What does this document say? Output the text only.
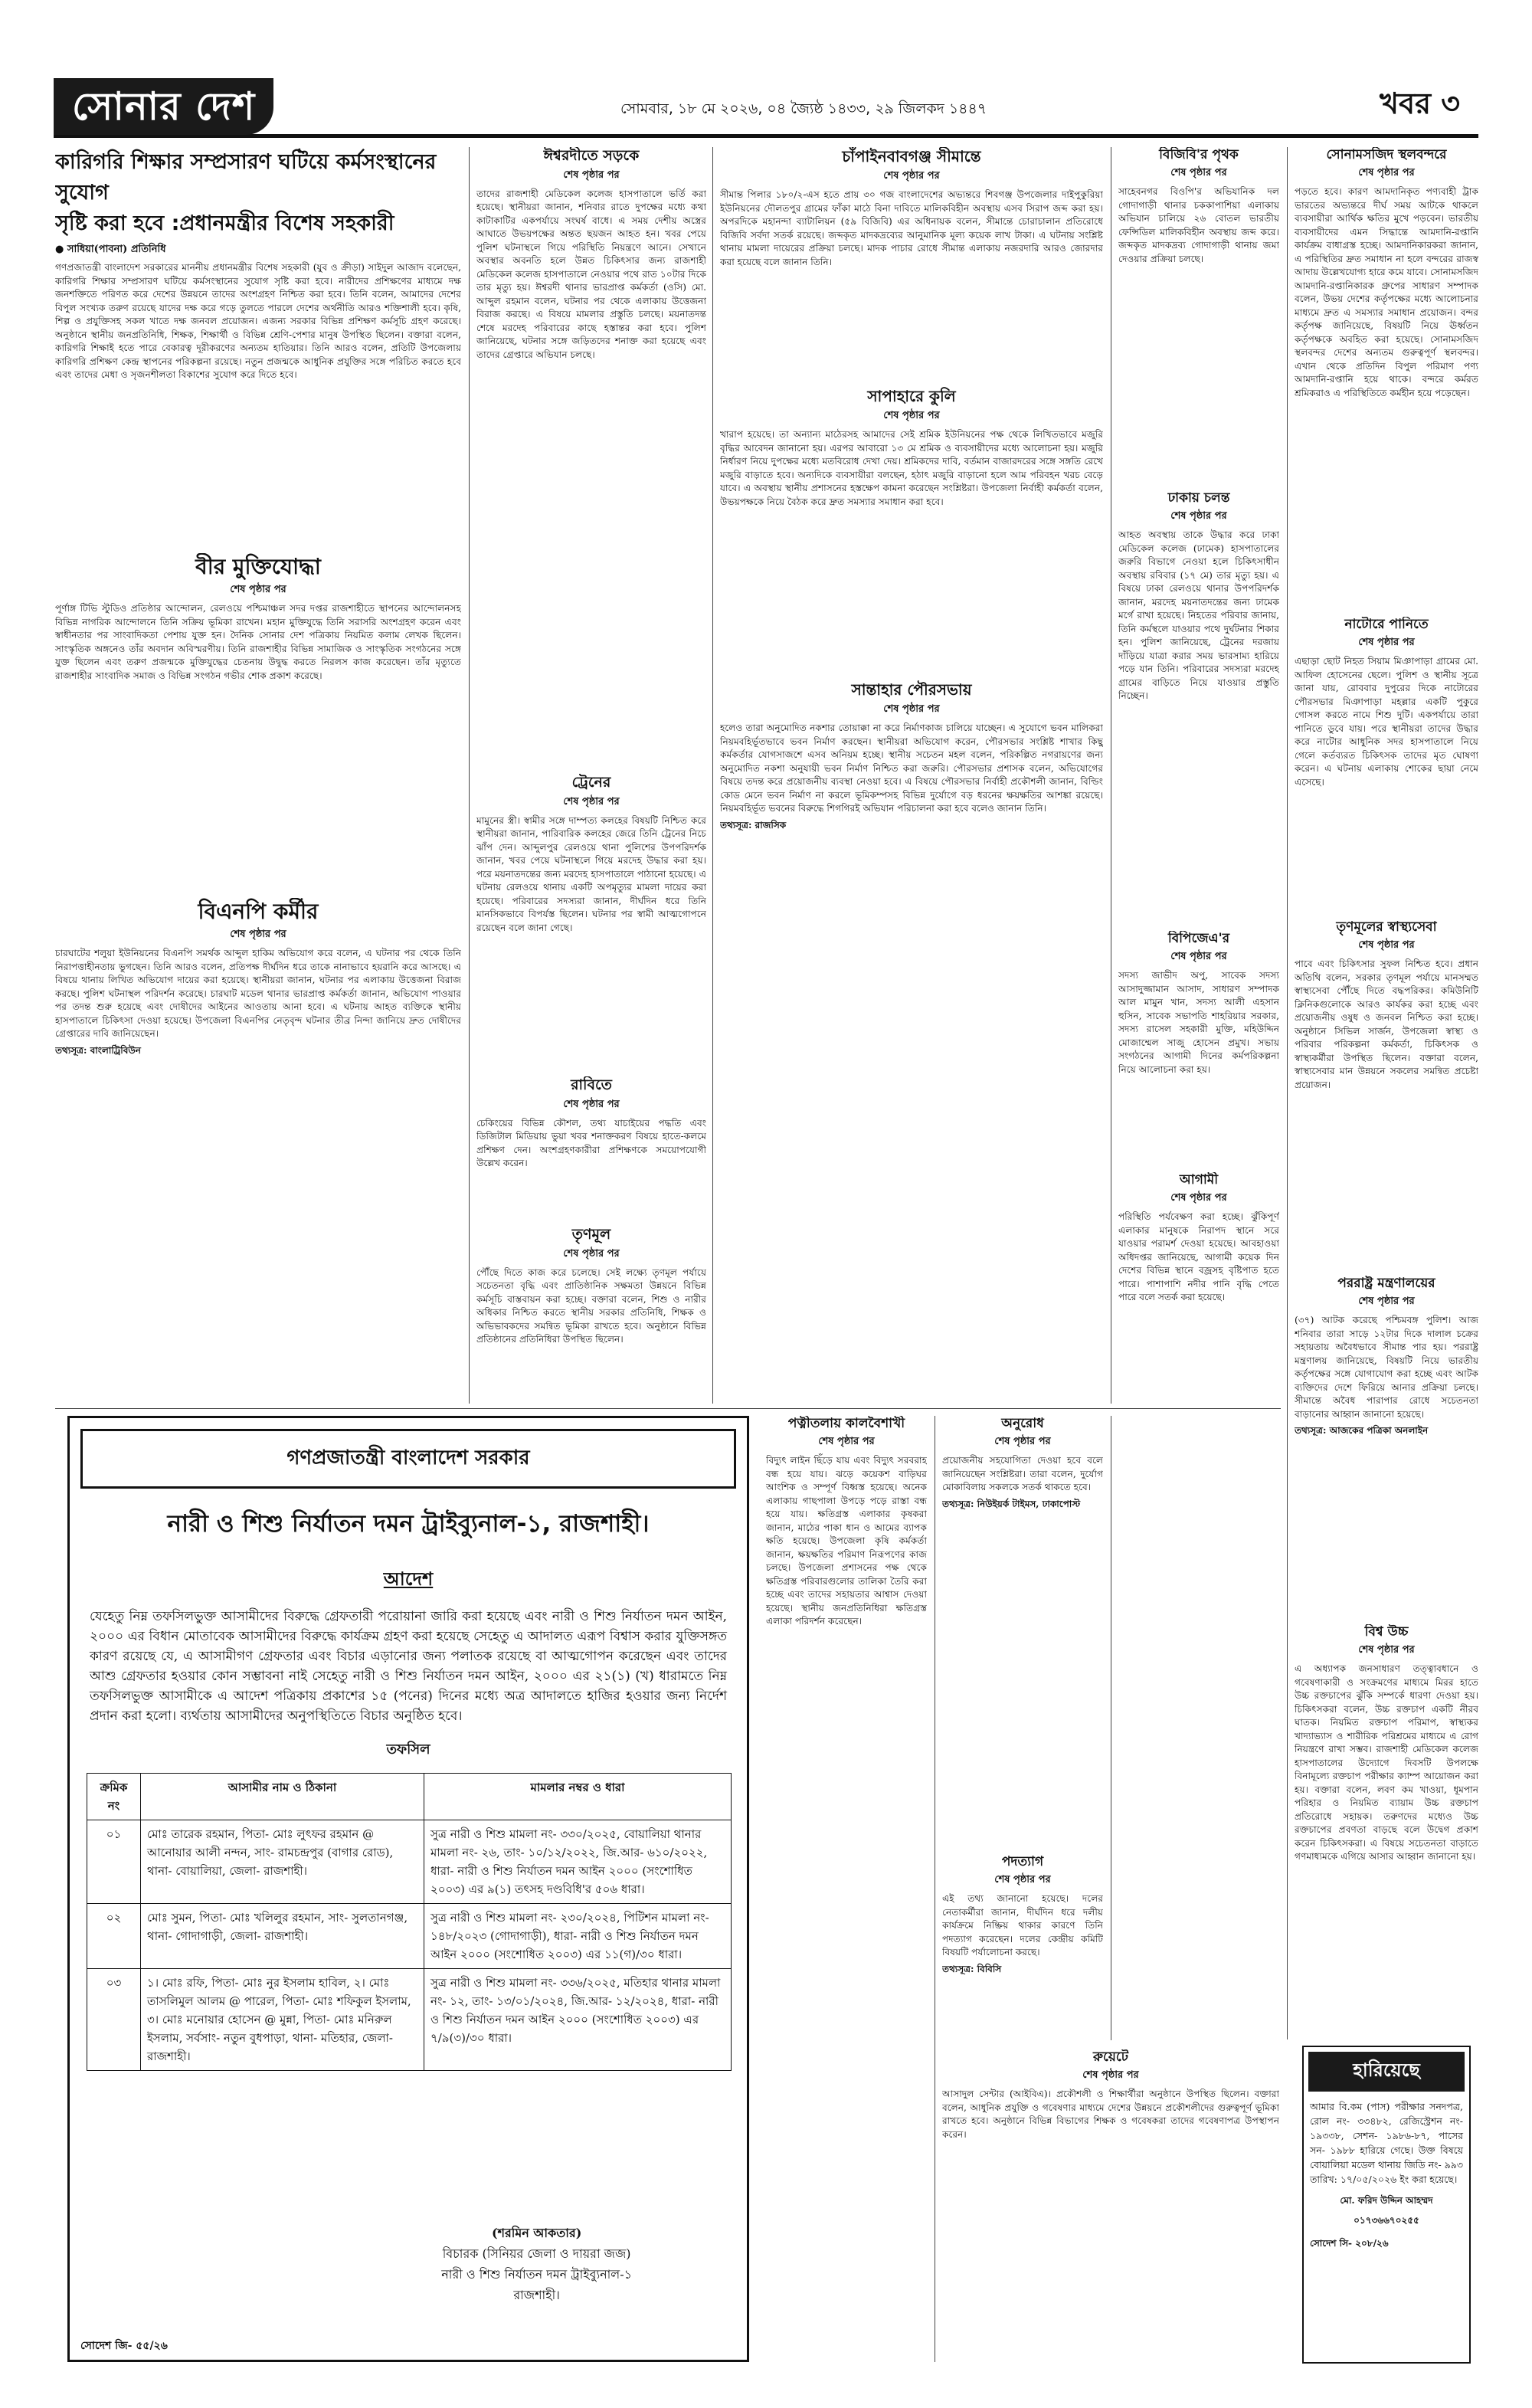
সোনার দেশ	সোমবার, ১৮ মে ২০২৬, ০৪ জ্যৈষ্ঠ ১৪৩৩, ২৯ জিলকদ ১৪৪৭	খবর ৩
কারিগরি শিক্ষার সম্প্রসারণ ঘটিয়ে কর্মসংস্থানের সুযোগ
সৃষ্টি করা হবে :প্রধানমন্ত্রীর বিশেষ সহকারী
● সাধিয়া(পাবনা) প্রতিনিধি
গণপ্রজাতন্ত্রী বাংলাদেশ সরকারের মাননীয় প্রধানমন্ত্রীর বিশেষ সহকারী (যুব ও ক্রীড়া) সাইদুল আজাদ বলেছেন, কারিগরি শিক্ষার সম্প্রসারণ ঘটিয়ে কর্মসংস্থানের সুযোগ সৃষ্টি করা হবে। নারীদের প্রশিক্ষণের মাধ্যমে দক্ষ জনশক্তিতে পরিণত করে দেশের উন্নয়নে তাদের অংশগ্রহণ নিশ্চিত করা হবে। তিনি বলেন, আমাদের দেশের বিপুল সংখ্যক তরুণ রয়েছে যাদের দক্ষ করে গড়ে তুলতে পারলে দেশের অর্থনীতি আরও শক্তিশালী হবে। কৃষি, শিল্প ও প্রযুক্তিসহ সকল খাতে দক্ষ জনবল প্রয়োজন। এজন্য সরকার বিভিন্ন প্রশিক্ষণ কর্মসূচি গ্রহণ করেছে। অনুষ্ঠানে স্থানীয় জনপ্রতিনিধি, শিক্ষক, শিক্ষার্থী ও বিভিন্ন শ্রেণি-পেশার মানুষ উপস্থিত ছিলেন। বক্তারা বলেন, কারিগরি শিক্ষাই হতে পারে বেকারত্ব দূরীকরণের অন্যতম হাতিয়ার। তিনি আরও বলেন, প্রতিটি উপজেলায় কারিগরি প্রশিক্ষণ কেন্দ্র স্থাপনের পরিকল্পনা রয়েছে। নতুন প্রজন্মকে আধুনিক প্রযুক্তির সঙ্গে পরিচিত করতে হবে এবং তাদের মেধা ও সৃজনশীলতা বিকাশের সুযোগ করে দিতে হবে।
বীর মুক্তিযোদ্ধা
শেষ পৃষ্ঠার পর
পূর্ণাঙ্গ টিভি স্টুডিও প্রতিষ্ঠার আন্দোলন, রেলওয়ে পশ্চিমাঞ্চল সদর দপ্তর রাজশাহীতে স্থাপনের আন্দোলনসহ বিভিন্ন নাগরিক আন্দোলনে তিনি সক্রিয় ভূমিকা রাখেন। মহান মুক্তিযুদ্ধে তিনি সরাসরি অংশগ্রহণ করেন এবং স্বাধীনতার পর সাংবাদিকতা পেশায় যুক্ত হন। দৈনিক সোনার দেশ পত্রিকায় নিয়মিত কলাম লেখক ছিলেন। সাংস্কৃতিক অঙ্গনেও তাঁর অবদান অবিস্মরণীয়। তিনি রাজশাহীর বিভিন্ন সামাজিক ও সাংস্কৃতিক সংগঠনের সঙ্গে যুক্ত ছিলেন এবং তরুণ প্রজন্মকে মুক্তিযুদ্ধের চেতনায় উদ্বুদ্ধ করতে নিরলস কাজ করেছেন। তাঁর মৃত্যুতে রাজশাহীর সাংবাদিক সমাজ ও বিভিন্ন সংগঠন গভীর শোক প্রকাশ করেছে।
বিএনপি কর্মীর
শেষ পৃষ্ঠার পর
চারঘাটের শলুয়া ইউনিয়নের বিএনপি সমর্থক আব্দুল হাকিম অভিযোগ করে বলেন, এ ঘটনার পর থেকে তিনি নিরাপত্তাহীনতায় ভুগছেন। তিনি আরও বলেন, প্রতিপক্ষ দীর্ঘদিন ধরে তাকে নানাভাবে হয়রানি করে আসছে। এ বিষয়ে থানায় লিখিত অভিযোগ দায়ের করা হয়েছে। স্থানীয়রা জানান, ঘটনার পর এলাকায় উত্তেজনা বিরাজ করছে। পুলিশ ঘটনাস্থল পরিদর্শন করেছে। চারঘাট মডেল থানার ভারপ্রাপ্ত কর্মকর্তা জানান, অভিযোগ পাওয়ার পর তদন্ত শুরু হয়েছে এবং দোষীদের আইনের আওতায় আনা হবে। এ ঘটনায় আহত ব্যক্তিকে স্থানীয় হাসপাতালে চিকিৎসা দেওয়া হয়েছে। উপজেলা বিএনপির নেতৃবৃন্দ ঘটনার তীব্র নিন্দা জানিয়ে দ্রুত দোষীদের গ্রেপ্তারের দাবি জানিয়েছেন।
তথ্যসূত্র: বাংলাট্রিবিউন
ঈশ্বরদীতে সড়কে
শেষ পৃষ্ঠার পর
তাদের রাজশাহী মেডিকেল কলেজ হাসপাতালে ভর্তি করা হয়েছে। স্থানীয়রা জানান, শনিবার রাতে দুপক্ষের মধ্যে কথা কাটাকাটির একপর্যায়ে সংঘর্ষ বাধে। এ সময় দেশীয় অস্ত্রের আঘাতে উভয়পক্ষের অন্তত ছয়জন আহত হন। খবর পেয়ে পুলিশ ঘটনাস্থলে গিয়ে পরিস্থিতি নিয়ন্ত্রণে আনে। সেখানে অবস্থার অবনতি হলে উন্নত চিকিৎসার জন্য রাজশাহী মেডিকেল কলেজ হাসপাতালে নেওয়ার পথে রাত ১০টার দিকে তার মৃত্যু হয়। ঈশ্বরদী থানার ভারপ্রাপ্ত কর্মকর্তা (ওসি) মো. আব্দুল রহমান বলেন, ঘটনার পর থেকে এলাকায় উত্তেজনা বিরাজ করছে। এ বিষয়ে মামলার প্রস্তুতি চলছে। ময়নাতদন্ত শেষে মরদেহ পরিবারের কাছে হস্তান্তর করা হবে। পুলিশ জানিয়েছে, ঘটনার সঙ্গে জড়িতদের শনাক্ত করা হয়েছে এবং তাদের গ্রেপ্তারে অভিযান চলছে।
ট্রেনের
শেষ পৃষ্ঠার পর
মামুনের স্ত্রী। স্বামীর সঙ্গে দাম্পত্য কলহের বিষয়টি নিশ্চিত করে স্থানীয়রা জানান, পারিবারিক কলহের জেরে তিনি ট্রেনের নিচে ঝাঁপ দেন। আব্দুলপুর রেলওয়ে থানা পুলিশের উপপরিদর্শক জানান, খবর পেয়ে ঘটনাস্থলে গিয়ে মরদেহ উদ্ধার করা হয়। পরে ময়নাতদন্তের জন্য মরদেহ হাসপাতালে পাঠানো হয়েছে। এ ঘটনায় রেলওয়ে থানায় একটি অপমৃত্যুর মামলা দায়ের করা হয়েছে। পরিবারের সদস্যরা জানান, দীর্ঘদিন ধরে তিনি মানসিকভাবে বিপর্যস্ত ছিলেন। ঘটনার পর স্বামী আত্মগোপনে রয়েছেন বলে জানা গেছে।
রাবিতে
শেষ পৃষ্ঠার পর
চেকিংয়ের বিভিন্ন কৌশল, তথ্য যাচাইয়ের পদ্ধতি এবং ডিজিটাল মিডিয়ায় ভুয়া খবর শনাক্তকরণ বিষয়ে হাতে-কলমে প্রশিক্ষণ দেন। অংশগ্রহণকারীরা প্রশিক্ষণকে সময়োপযোগী উল্লেখ করেন।
তৃণমূল
শেষ পৃষ্ঠার পর
পৌঁছে দিতে কাজ করে চলেছে। সেই লক্ষ্যে তৃণমূল পর্যায়ে সচেতনতা বৃদ্ধি এবং প্রাতিষ্ঠানিক সক্ষমতা উন্নয়নে বিভিন্ন কর্মসূচি বাস্তবায়ন করা হচ্ছে। বক্তারা বলেন, শিশু ও নারীর অধিকার নিশ্চিত করতে স্থানীয় সরকার প্রতিনিধি, শিক্ষক ও অভিভাবকদের সমন্বিত ভূমিকা রাখতে হবে। অনুষ্ঠানে বিভিন্ন প্রতিষ্ঠানের প্রতিনিধিরা উপস্থিত ছিলেন।
চাঁপাইনবাবগঞ্জ সীমান্তে
শেষ পৃষ্ঠার পর
সীমান্ত পিলার ১৮০/২-এস হতে প্রায় ৩০ গজ বাংলাদেশের অভ্যন্তরে শিবগঞ্জ উপজেলার দাইপুকুরিয়া ইউনিয়নের দৌলতপুর গ্রামের ফাঁকা মাঠে বিনা দাবিতে মালিকবিহীন অবস্থায় এসব সিরাপ জব্দ করা হয়। অপরদিকে মহানন্দা ব্যাটালিয়ন (৫৯ বিজিবি) এর অধিনায়ক বলেন, সীমান্তে চোরাচালান প্রতিরোধে বিজিবি সর্বদা সতর্ক রয়েছে। জব্দকৃত মাদকদ্রব্যের আনুমানিক মূল্য কয়েক লাখ টাকা। এ ঘটনায় সংশ্লিষ্ট থানায় মামলা দায়েরের প্রক্রিয়া চলছে। মাদক পাচার রোধে সীমান্ত এলাকায় নজরদারি আরও জোরদার করা হয়েছে বলে জানান তিনি।
সাপাহারে কুলি
শেষ পৃষ্ঠার পর
খারাপ হয়েছে। তা অন্যান্য মাঠেরসহ আমাদের সেই শ্রমিক ইউনিয়নের পক্ষ থেকে লিখিতভাবে মজুরি বৃদ্ধির আবেদন জানানো হয়। এরপর আবারো ১৩ মে শ্রমিক ও ব্যবসায়ীদের মধ্যে আলোচনা হয়। মজুরি নির্ধারণ নিয়ে দুপক্ষের মধ্যে মতবিরোধ দেখা দেয়। শ্রমিকদের দাবি, বর্তমান বাজারদরের সঙ্গে সঙ্গতি রেখে মজুরি বাড়াতে হবে। অন্যদিকে ব্যবসায়ীরা বলছেন, হঠাৎ মজুরি বাড়ানো হলে আম পরিবহন খরচ বেড়ে যাবে। এ অবস্থায় স্থানীয় প্রশাসনের হস্তক্ষেপ কামনা করেছেন সংশ্লিষ্টরা। উপজেলা নির্বাহী কর্মকর্তা বলেন, উভয়পক্ষকে নিয়ে বৈঠক করে দ্রুত সমস্যার সমাধান করা হবে।
সান্তাহার পৌরসভায়
শেষ পৃষ্ঠার পর
হলেও তারা অনুমোদিত নকশার তোয়াক্কা না করে নির্মাণকাজ চালিয়ে যাচ্ছেন। এ সুযোগে ভবন মালিকরা নিয়মবহির্ভূতভাবে ভবন নির্মাণ করছেন। স্থানীয়রা অভিযোগ করেন, পৌরসভার সংশ্লিষ্ট শাখার কিছু কর্মকর্তার যোগসাজশে এসব অনিয়ম হচ্ছে। স্থানীয় সচেতন মহল বলেন, পরিকল্পিত নগরায়ণের জন্য অনুমোদিত নকশা অনুযায়ী ভবন নির্মাণ নিশ্চিত করা জরুরি। পৌরসভার প্রশাসক বলেন, অভিযোগের বিষয়ে তদন্ত করে প্রয়োজনীয় ব্যবস্থা নেওয়া হবে। এ বিষয়ে পৌরসভার নির্বাহী প্রকৌশলী জানান, বিল্ডিং কোড মেনে ভবন নির্মাণ না করলে ভূমিকম্পসহ বিভিন্ন দুর্যোগে বড় ধরনের ক্ষয়ক্ষতির আশঙ্কা রয়েছে। নিয়মবহির্ভূত ভবনের বিরুদ্ধে শিগগিরই অভিযান পরিচালনা করা হবে বলেও জানান তিনি।
তথ্যসূত্র: রাজসিক
বিজিবি'র পৃথক
শেষ পৃষ্ঠার পর
সাহেবনগর বিওপি'র অভিযানিক দল গোদাগাড়ী থানার চককাপাশিয়া এলাকায় অভিযান চালিয়ে ২৬ বোতল ভারতীয় ফেন্সিডিল মালিকবিহীন অবস্থায় জব্দ করে। জব্দকৃত মাদকদ্রব্য গোদাগাড়ী থানায় জমা দেওয়ার প্রক্রিয়া চলছে।
ঢাকায় চলন্ত
শেষ পৃষ্ঠার পর
আহত অবস্থায় তাকে উদ্ধার করে ঢাকা মেডিকেল কলেজ (ঢামেক) হাসপাতালের জরুরি বিভাগে নেওয়া হলে চিকিৎসাধীন অবস্থায় রবিবার (১৭ মে) তার মৃত্যু হয়। এ বিষয়ে ঢাকা রেলওয়ে থানার উপপরিদর্শক জানান, মরদেহ ময়নাতদন্তের জন্য ঢামেক মর্গে রাখা হয়েছে। নিহতের পরিবার জানায়, তিনি কর্মস্থলে যাওয়ার পথে দুর্ঘটনার শিকার হন। পুলিশ জানিয়েছে, ট্রেনের দরজায় দাঁড়িয়ে যাত্রা করার সময় ভারসাম্য হারিয়ে পড়ে যান তিনি। পরিবারের সদস্যরা মরদেহ গ্রামের বাড়িতে নিয়ে যাওয়ার প্রস্তুতি নিচ্ছেন।
বিপিজেএ'র
শেষ পৃষ্ঠার পর
সদস্য জাভীদ অপু, সাবেক সদস্য আসাদুজ্জামান আসাদ, সাধারণ সম্পাদক আল মামুন খান, সদস্য আলী এহসান হুসিন, সাবেক সভাপতি শাহরিয়ার সরকার, সদস্য রাসেল সহকারী মুক্তি, মহিউদ্দিন মোজাম্মেল সাজু হোসেন প্রমুখ। সভায় সংগঠনের আগামী দিনের কর্মপরিকল্পনা নিয়ে আলোচনা করা হয়।
আগামী
শেষ পৃষ্ঠার পর
পরিস্থিতি পর্যবেক্ষণ করা হচ্ছে। ঝুঁকিপূর্ণ এলাকার মানুষকে নিরাপদ স্থানে সরে যাওয়ার পরামর্শ দেওয়া হয়েছে। আবহাওয়া অধিদপ্তর জানিয়েছে, আগামী কয়েক দিন দেশের বিভিন্ন স্থানে বজ্রসহ বৃষ্টিপাত হতে পারে। পাশাপাশি নদীর পানি বৃদ্ধি পেতে পারে বলে সতর্ক করা হয়েছে।
সোনামসজিদ স্থলবন্দরে
শেষ পৃষ্ঠার পর
পড়তে হবে। কারণ আমদানিকৃত পণ্যবাহী ট্রাক ভারতের অভ্যন্তরে দীর্ঘ সময় আটকে থাকলে ব্যবসায়ীরা আর্থিক ক্ষতির মুখে পড়বেন। ভারতীয় ব্যবসায়ীদের এমন সিদ্ধান্তে আমদানি-রপ্তানি কার্যক্রম বাধাগ্রস্ত হচ্ছে। আমদানিকারকরা জানান, এ পরিস্থিতির দ্রুত সমাধান না হলে বন্দরের রাজস্ব আদায় উল্লেখযোগ্য হারে কমে যাবে। সোনামসজিদ আমদানি-রপ্তানিকারক গ্রুপের সাধারণ সম্পাদক বলেন, উভয় দেশের কর্তৃপক্ষের মধ্যে আলোচনার মাধ্যমে দ্রুত এ সমস্যার সমাধান প্রয়োজন। বন্দর কর্তৃপক্ষ জানিয়েছে, বিষয়টি নিয়ে ঊর্ধ্বতন কর্তৃপক্ষকে অবহিত করা হয়েছে। সোনামসজিদ স্থলবন্দর দেশের অন্যতম গুরুত্বপূর্ণ স্থলবন্দর। এখান থেকে প্রতিদিন বিপুল পরিমাণ পণ্য আমদানি-রপ্তানি হয়ে থাকে। বন্দরে কর্মরত শ্রমিকরাও এ পরিস্থিতিতে কর্মহীন হয়ে পড়েছেন।
নাটোরে পানিতে
শেষ পৃষ্ঠার পর
এছাড়া ছোট নিহত সিয়াম মিঞাপাড়া গ্রামের মো. আফিল হোসেনের ছেলে। পুলিশ ও স্থানীয় সূত্রে জানা যায়, রোববার দুপুরের দিকে নাটোরের পৌরসভার মিঞাপাড়া মহল্লার একটি পুকুরে গোসল করতে নামে শিশু দুটি। একপর্যায়ে তারা পানিতে ডুবে যায়। পরে স্থানীয়রা তাদের উদ্ধার করে নাটোর আধুনিক সদর হাসপাতালে নিয়ে গেলে কর্তব্যরত চিকিৎসক তাদের মৃত ঘোষণা করেন। এ ঘটনায় এলাকায় শোকের ছায়া নেমে এসেছে।
তৃণমূলের স্বাস্থ্যসেবা
শেষ পৃষ্ঠার পর
পাবে এবং চিকিৎসার সুফল নিশ্চিত হবে। প্রধান অতিথি বলেন, সরকার তৃণমূল পর্যায়ে মানসম্মত স্বাস্থ্যসেবা পৌঁছে দিতে বদ্ধপরিকর। কমিউনিটি ক্লিনিকগুলোকে আরও কার্যকর করা হচ্ছে এবং প্রয়োজনীয় ওষুধ ও জনবল নিশ্চিত করা হচ্ছে। অনুষ্ঠানে সিভিল সার্জন, উপজেলা স্বাস্থ্য ও পরিবার পরিকল্পনা কর্মকর্তা, চিকিৎসক ও স্বাস্থ্যকর্মীরা উপস্থিত ছিলেন। বক্তারা বলেন, স্বাস্থ্যসেবার মান উন্নয়নে সকলের সমন্বিত প্রচেষ্টা প্রয়োজন।
পররাষ্ট্র মন্ত্রণালয়ের
শেষ পৃষ্ঠার পর
(৩৭) আটক করেছে পশ্চিমবঙ্গ পুলিশ। আজ শনিবার তারা সাড়ে ১২টার দিকে দালাল চক্রের সহায়তায় অবৈধভাবে সীমান্ত পার হয়। পররাষ্ট্র মন্ত্রণালয় জানিয়েছে, বিষয়টি নিয়ে ভারতীয় কর্তৃপক্ষের সঙ্গে যোগাযোগ করা হচ্ছে এবং আটক ব্যক্তিদের দেশে ফিরিয়ে আনার প্রক্রিয়া চলছে। সীমান্তে অবৈধ পারাপার রোধে সচেতনতা বাড়ানোর আহ্বান জানানো হয়েছে।
তথ্যসূত্র: আজকের পত্রিকা অনলাইন
বিশ্ব উচ্চ
শেষ পৃষ্ঠার পর
এ অধ্যাপক জনসাধারণ তত্ত্বাবধানে ও গবেষণাকারী ও সংক্রমণের মাধ্যমে মিরর হাতে উচ্চ রক্তচাপের ঝুঁকি সম্পর্কে ধারণা দেওয়া হয়। চিকিৎসকরা বলেন, উচ্চ রক্তচাপ একটি নীরব ঘাতক। নিয়মিত রক্তচাপ পরিমাপ, স্বাস্থ্যকর খাদ্যাভ্যাস ও শারীরিক পরিশ্রমের মাধ্যমে এ রোগ নিয়ন্ত্রণে রাখা সম্ভব। রাজশাহী মেডিকেল কলেজ হাসপাতালের উদ্যোগে দিবসটি উপলক্ষে বিনামূল্যে রক্তচাপ পরীক্ষার ক্যাম্প আয়োজন করা হয়। বক্তারা বলেন, লবণ কম খাওয়া, ধূমপান পরিহার ও নিয়মিত ব্যায়াম উচ্চ রক্তচাপ প্রতিরোধে সহায়ক। তরুণদের মধ্যেও উচ্চ রক্তচাপের প্রবণতা বাড়ছে বলে উদ্বেগ প্রকাশ করেন চিকিৎসকরা। এ বিষয়ে সচেতনতা বাড়াতে গণমাধ্যমকে এগিয়ে আসার আহ্বান জানানো হয়।
পত্নীতলায় কালবৈশাখী
শেষ পৃষ্ঠার পর
বিদ্যুৎ লাইন ছিঁড়ে যায় এবং বিদ্যুৎ সরবরাহ বন্ধ হয়ে যায়। ঝড়ে কয়েকশ বাড়িঘর আংশিক ও সম্পূর্ণ বিধ্বস্ত হয়েছে। অনেক এলাকায় গাছপালা উপড়ে পড়ে রাস্তা বন্ধ হয়ে যায়। ক্ষতিগ্রস্ত এলাকার কৃষকরা জানান, মাঠের পাকা ধান ও আমের ব্যাপক ক্ষতি হয়েছে। উপজেলা কৃষি কর্মকর্তা জানান, ক্ষয়ক্ষতির পরিমাণ নিরূপণের কাজ চলছে। উপজেলা প্রশাসনের পক্ষ থেকে ক্ষতিগ্রস্ত পরিবারগুলোর তালিকা তৈরি করা হচ্ছে এবং তাদের সহায়তার আশ্বাস দেওয়া হয়েছে। স্থানীয় জনপ্রতিনিধিরা ক্ষতিগ্রস্ত এলাকা পরিদর্শন করেছেন।
অনুরোধ
শেষ পৃষ্ঠার পর
প্রয়োজনীয় সহযোগিতা দেওয়া হবে বলে জানিয়েছেন সংশ্লিষ্টরা। তারা বলেন, দুর্যোগ মোকাবিলায় সকলকে সতর্ক থাকতে হবে।
তথ্যসূত্র: নিউইয়র্ক টাইমস, ঢাকাপোস্ট
পদত্যাগ
শেষ পৃষ্ঠার পর
এই তথ্য জানানো হয়েছে। দলের নেতাকর্মীরা জানান, দীর্ঘদিন ধরে দলীয় কার্যক্রমে নিষ্ক্রিয় থাকার কারণে তিনি পদত্যাগ করেছেন। দলের কেন্দ্রীয় কমিটি বিষয়টি পর্যালোচনা করছে।
তথ্যসূত্র: বিবিসি
রুয়েটে
শেষ পৃষ্ঠার পর
আসাদুল সেন্টার (আইবিএ)। প্রকৌশলী ও শিক্ষার্থীরা অনুষ্ঠানে উপস্থিত ছিলেন। বক্তারা বলেন, আধুনিক প্রযুক্তি ও গবেষণার মাধ্যমে দেশের উন্নয়নে প্রকৌশলীদের গুরুত্বপূর্ণ ভূমিকা রাখতে হবে। অনুষ্ঠানে বিভিন্ন বিভাগের শিক্ষক ও গবেষকরা তাদের গবেষণাপত্র উপস্থাপন করেন।
গণপ্রজাতন্ত্রী বাংলাদেশ সরকার
নারী ও শিশু নির্যাতন দমন ট্রাইব্যুনাল-১, রাজশাহী।
আদেশ
যেহেতু নিম্ন তফসিলভুক্ত আসামীদের বিরুদ্ধে গ্রেফতারী পরোয়ানা জারি করা হয়েছে এবং নারী ও শিশু নির্যাতন দমন আইন, ২০০০ এর বিধান মোতাবেক আসামীদের বিরুদ্ধে কার্যক্রম গ্রহণ করা হয়েছে সেহেতু এ আদালত এরূপ বিশ্বাস করার যুক্তিসঙ্গত কারণ রয়েছে যে, এ আসামীগণ গ্রেফতার এবং বিচার এড়ানোর জন্য পলাতক রয়েছে বা আত্মগোপন করেছেন এবং তাদের আশু গ্রেফতার হওয়ার কোন সম্ভাবনা নাই সেহেতু নারী ও শিশু নির্যাতন দমন আইন, ২০০০ এর ২১(১) (খ) ধারামতে নিম্ন তফসিলভুক্ত আসামীকে এ আদেশ পত্রিকায় প্রকাশের ১৫ (পনের) দিনের মধ্যে অত্র আদালতে হাজির হওয়ার জন্য নির্দেশ প্রদান করা হলো। ব্যর্থতায় আসামীদের অনুপস্থিতিতে বিচার অনুষ্ঠিত হবে।
তফসিল
ক্রমিক নং	আসামীর নাম ও ঠিকানা	মামলার নম্বর ও ধারা
০১	মোঃ তারেক রহমান, পিতা- মোঃ লুৎফর রহমান @ আনোয়ার আলী নন্দন, সাং- রামচন্দ্রপুর (বাগার রোড), থানা- বোয়ালিয়া, জেলা- রাজশাহী।	সুত্র নারী ও শিশু মামলা নং- ৩৩০/২০২৫, বোয়ালিয়া থানার মামলা নং- ২৬, তাং- ১০/১২/২০২২, জি.আর- ৬১০/২০২২, ধারা- নারী ও শিশু নির্যাতন দমন আইন ২০০০ (সংশোধিত ২০০৩) এর ৯(১) তৎসহ দণ্ডবিধি'র ৫০৬ ধারা।
০২	মোঃ সুমন, পিতা- মোঃ খলিলুর রহমান, সাং- সুলতানগঞ্জ, থানা- গোদাগাড়ী, জেলা- রাজশাহী।	সুত্র নারী ও শিশু মামলা নং- ২৩০/২০২৪, পিটিশন মামলা নং- ১৪৮/২০২৩ (গোদাগাড়ী), ধারা- নারী ও শিশু নির্যাতন দমন আইন ২০০০ (সংশোধিত ২০০৩) এর ১১(গ)/৩০ ধারা।
০৩	১। মোঃ রফি, পিতা- মোঃ নুর ইসলাম হাবিল, ২। মোঃ তাসলিমুল আলম @ পারেল, পিতা- মোঃ শফিকুল ইসলাম, ৩। মোঃ মনোয়ার হোসেন @ মুন্না, পিতা- মোঃ মনিরুল ইসলাম, সর্বসাং- নতুন বুধপাড়া, থানা- মতিহার, জেলা- রাজশাহী।	সুত্র নারী ও শিশু মামলা নং- ৩৩৬/২০২৫, মতিহার থানার মামলা নং- ১২, তাং- ১৩/০১/২০২৪, জি.আর- ১২/২০২৪, ধারা- নারী ও শিশু নির্যাতন দমন আইন ২০০০ (সংশোধিত ২০০৩) এর ৭/৯(৩)/৩০ ধারা।
(শরমিন আকতার)
বিচারক (সিনিয়র জেলা ও দায়রা জজ)
নারী ও শিশু নির্যাতন দমন ট্রাইব্যুনাল-১
রাজশাহী।
সোদেশ জি- ৫৫/২৬
হারিয়েছে
আমার বি.কম (পাস) পরীক্ষার সনদপত্র, রোল নং- ৩৩৪৮২, রেজিস্ট্রেশন নং- ১৯৩৩৮, সেশন- ১৯৮৬-৮৭, পাসের সন- ১৯৮৮ হারিয়ে গেছে। উক্ত বিষয়ে বোয়ালিয়া মডেল থানায় জিডি নং- ৯৯৩ তারিখ: ১৭/০৫/২০২৬ ইং করা হয়েছে।
মো. ফরিদ উদ্দিন আহম্মদ
০১৭৩৬৬৭০২৫৫
সোদেশ সি- ২০৮/২৬
